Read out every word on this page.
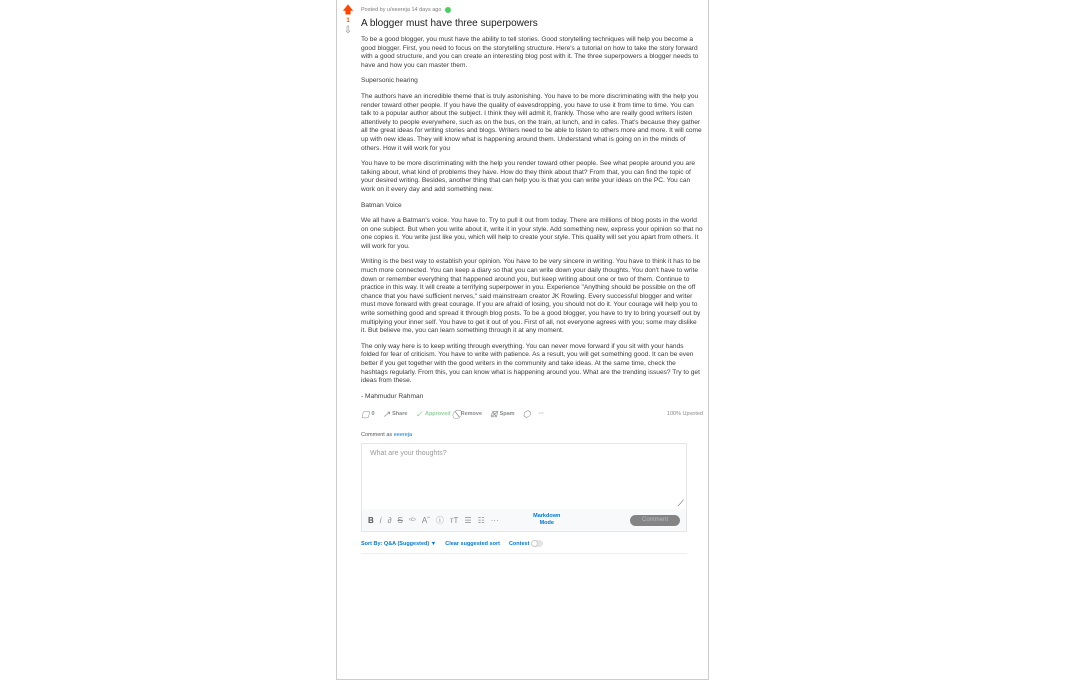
🡅
1
⇩
Posted by u/eeereja 14 days ago
A blogger must have three superpowers

To be a good blogger, you must have the ability to tell stories. Good storytelling techniques will help you become a good blogger. First, you need to focus on the storytelling structure. Here's a tutorial on how to take the story forward with a good structure, and you can create an interesting blog post with it. The three superpowers a blogger needs to have and how you can master them.

Supersonic hearing

The authors have an incredible theme that is truly astonishing. You have to be more discriminating with the help you render toward other people. If you have the quality of eavesdropping, you have to use it from time to time. You can talk to a popular author about the subject. I think they will admit it, frankly. Those who are really good writers listen attentively to people everywhere, such as on the bus, on the train, at lunch, and in cafes. That's because they gather all the great ideas for writing stories and blogs. Writers need to be able to listen to others more and more. It will come up with new ideas. They will know what is happening around them. Understand what is going on in the minds of others. How it will work for you

You have to be more discriminating with the help you render toward other people. See what people around you are talking about, what kind of problems they have. How do they think about that? From that, you can find the topic of your desired writing. Besides, another thing that can help you is that you can write your ideas on the PC. You can work on it every day and add something new.

Batman Voice

We all have a Batman's voice. You have to. Try to pull it out from today. There are millions of blog posts in the world on one subject. But when you write about it, write it in your style. Add something new, express your opinion so that no one copies it. You write just like you, which will help to create your style. This quality will set you apart from others. It will work for you.

Writing is the best way to establish your opinion. You have to be very sincere in writing. You have to think it has to be much more connected. You can keep a diary so that you can write down your daily thoughts. You don't have to write down or remember everything that happened around you, but keep writing about one or two of them. Continue to practice in this way. It will create a terrifying superpower in you. Experience "Anything should be possible on the off chance that you have sufficient nerves," said mainstream creator JK Rowling. Every successful blogger and writer must move forward with great courage. If you are afraid of losing, you should not do it. Your courage will help you to write something good and spread it through blog posts. To be a good blogger, you have to try to bring yourself out by multiplying your inner self. You have to get it out of you. First of all, not everyone agrees with you; some may dislike it. But believe me, you can learn something through it at any moment.

The only way here is to keep writing through everything. You can never move forward if you sit with your hands folded for fear of criticism. You have to write with patience. As a result, you will get something good. It can be even better if you get together with the good writers in the community and take ideas. At the same time, check the hashtags regularly. From this, you can know what is happening around you. What are the trending issues? Try to get ideas from these.

- Mahmudur Rahman

▢ 0 ↗ Share ✓ Approved Remove ⊠ Spam ⬡ ···	100% Upvoted
Comment as eeereja
What are your thoughts?
⟋
B i ∂ S ‹c› Aˆ ⓘ ᴛT ☰ ☷ ···	Markdown Mode	Comment
Sort By: Q&A (Suggested) ▼ Clear suggested sort Contest
